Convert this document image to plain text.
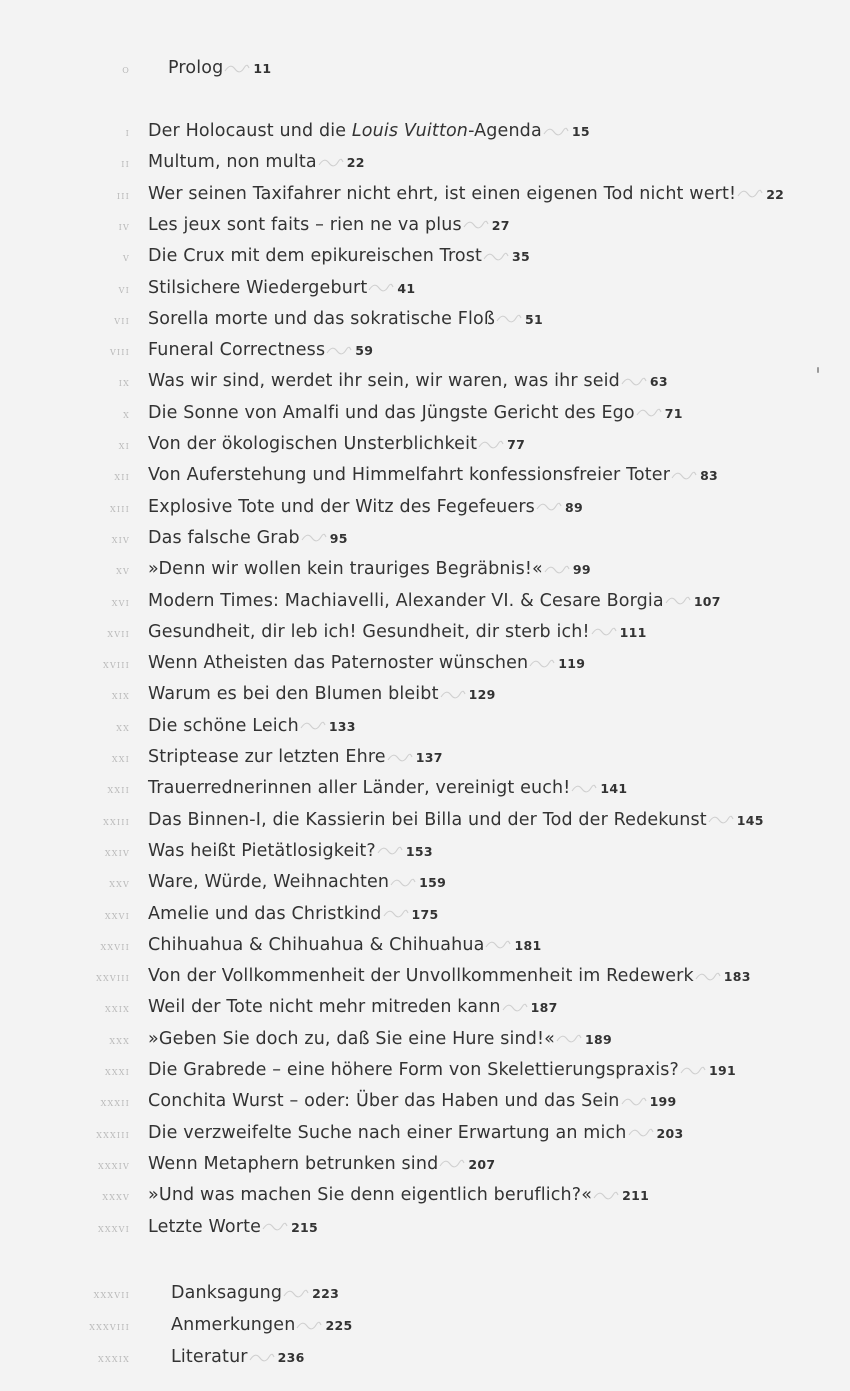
o Prolog 11
i Der Holocaust und die Louis Vuitton-Agenda 15
ii Multum, non multa 22
iii Wer seinen Taxifahrer nicht ehrt, ist einen eigenen Tod nicht wert! 22
iv Les jeux sont faits – rien ne va plus 27
v Die Crux mit dem epikureischen Trost 35
vi Stilsichere Wiedergeburt 41
vii Sorella morte und das sokratische Floß 51
viii Funeral Correctness 59
ix Was wir sind, werdet ihr sein, wir waren, was ihr seid 63
x Die Sonne von Amalfi und das Jüngste Gericht des Ego 71
xi Von der ökologischen Unsterblichkeit 77
xii Von Auferstehung und Himmelfahrt konfessionsfreier Toter 83
xiii Explosive Tote und der Witz des Fegefeuers 89
xiv Das falsche Grab 95
xv »Denn wir wollen kein trauriges Begräbnis!« 99
xvi Modern Times: Machiavelli, Alexander VI. & Cesare Borgia 107
xvii Gesundheit, dir leb ich! Gesundheit, dir sterb ich! 111
xviii Wenn Atheisten das Paternoster wünschen 119
xix Warum es bei den Blumen bleibt 129
xx Die schöne Leich 133
xxi Striptease zur letzten Ehre 137
xxii Trauerrednerinnen aller Länder, vereinigt euch! 141
xxiii Das Binnen-I, die Kassierin bei Billa und der Tod der Redekunst 145
xxiv Was heißt Pietätlosigkeit? 153
xxv Ware, Würde, Weihnachten 159
xxvi Amelie und das Christkind 175
xxvii Chihuahua & Chihuahua & Chihuahua 181
xxviii Von der Vollkommenheit der Unvollkommenheit im Redewerk 183
xxix Weil der Tote nicht mehr mitreden kann 187
xxx »Geben Sie doch zu, daß Sie eine Hure sind!« 189
xxxi Die Grabrede – eine höhere Form von Skelettierungspraxis? 191
xxxii Conchita Wurst – oder: Über das Haben und das Sein 199
xxxiii Die verzweifelte Suche nach einer Erwartung an mich 203
xxxiv Wenn Metaphern betrunken sind 207
xxxv »Und was machen Sie denn eigentlich beruflich?« 211
xxxvi Letzte Worte 215
xxxvii Danksagung 223
xxxviii Anmerkungen 225
xxxix Literatur 236
